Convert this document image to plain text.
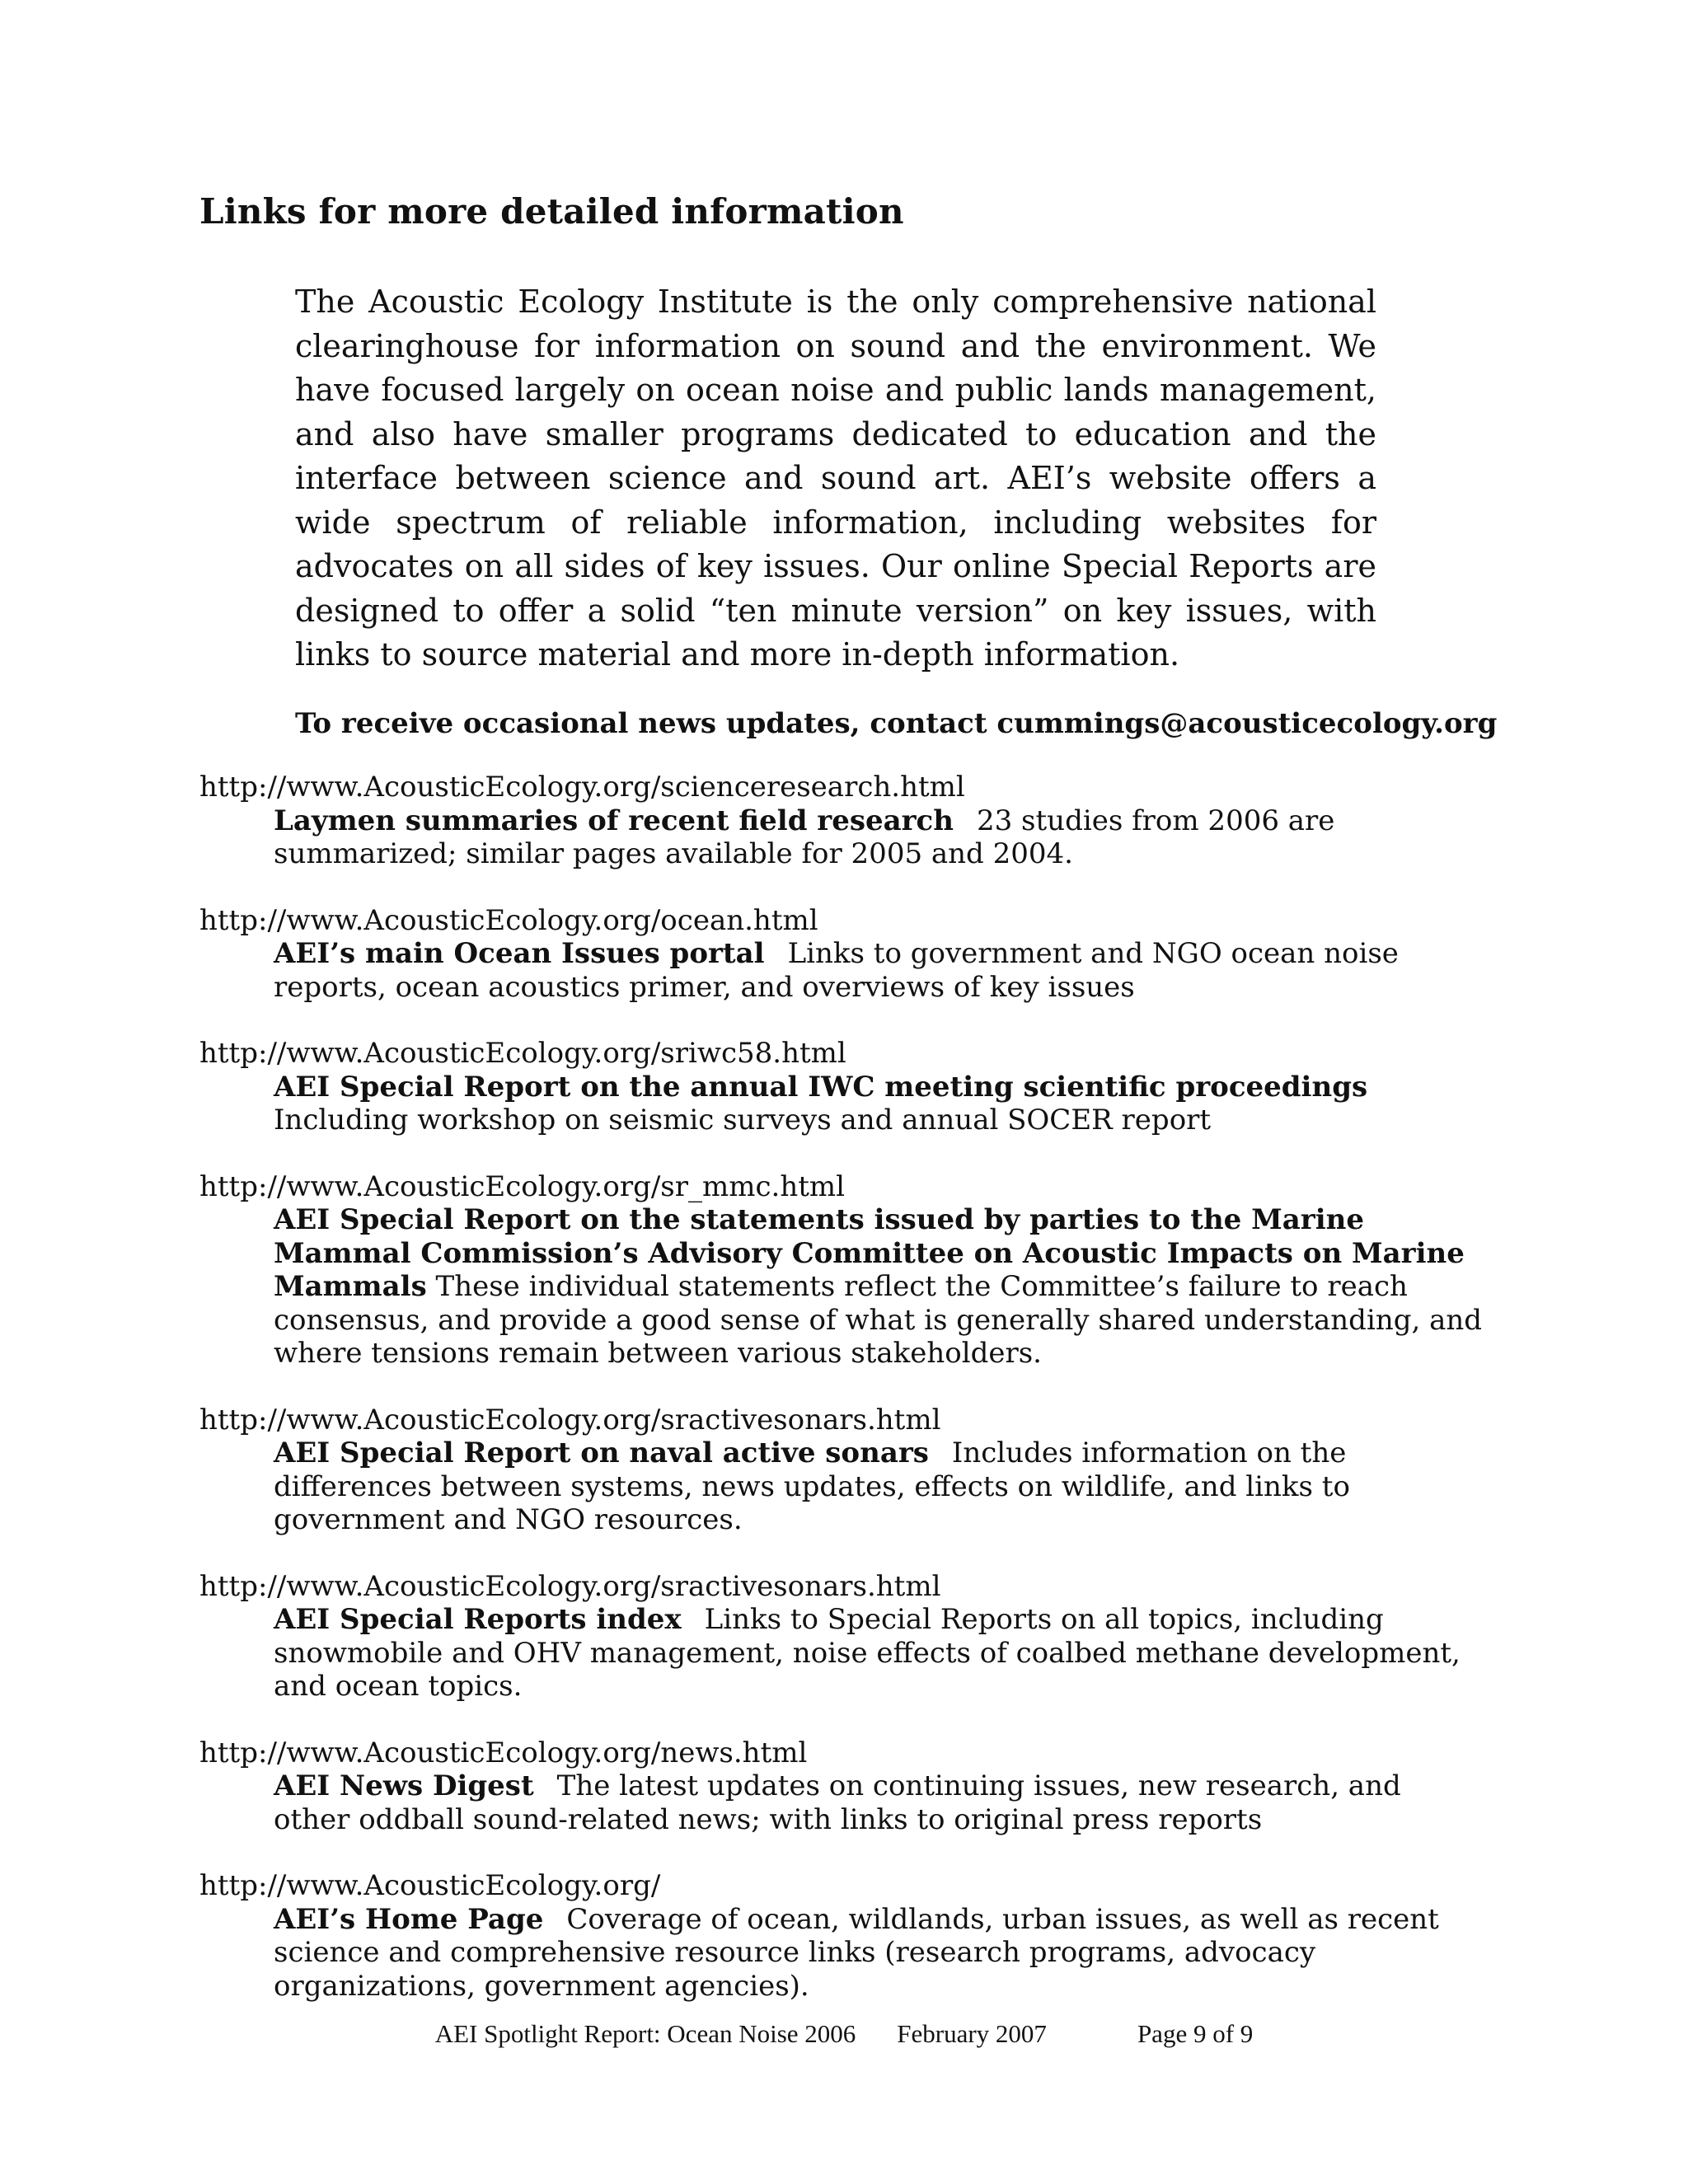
Links for more detailed information

The Acoustic Ecology Institute is the only comprehensive national clearinghouse for information on sound and the environment. We have focused largely on ocean noise and public lands management, and also have smaller programs dedicated to education and the interface between science and sound art. AEI’s website offers a wide spectrum of reliable information, including websites for advocates on all sides of key issues. Our online Special Reports are designed to offer a solid “ten minute version” on key issues, with links to source material and more in-depth information.

To receive occasional news updates, contact cummings@acousticecology.org

http://www.AcousticEcology.org/scienceresearch.html
Laymen summaries of recent field research 23 studies from 2006 are summarized; similar pages available for 2005 and 2004.
http://www.AcousticEcology.org/ocean.html
AEI’s main Ocean Issues portal Links to government and NGO ocean noise reports, ocean acoustics primer, and overviews of key issues
http://www.AcousticEcology.org/sriwc58.html
AEI Special Report on the annual IWC meeting scientific proceedings
Including workshop on seismic surveys and annual SOCER report
http://www.AcousticEcology.org/sr_mmc.html
AEI Special Report on the statements issued by parties to the Marine Mammal Commission’s Advisory Committee on Acoustic Impacts on Marine Mammals These individual statements reflect the Committee’s failure to reach consensus, and provide a good sense of what is generally shared understanding, and where tensions remain between various stakeholders.
http://www.AcousticEcology.org/sractivesonars.html
AEI Special Report on naval active sonars Includes information on the differences between systems, news updates, effects on wildlife, and links to government and NGO resources.
http://www.AcousticEcology.org/sractivesonars.html
AEI Special Reports index Links to Special Reports on all topics, including snowmobile and OHV management, noise effects of coalbed methane development, and ocean topics.
http://www.AcousticEcology.org/news.html
AEI News Digest The latest updates on continuing issues, new research, and other oddball sound-related news; with links to original press reports
http://www.AcousticEcology.org/
AEI’s Home Page Coverage of ocean, wildlands, urban issues, as well as recent science and comprehensive resource links (research programs, advocacy organizations, government agencies).
AEI Spotlight Report: Ocean Noise 2006 February 2007	Page 9 of 9
